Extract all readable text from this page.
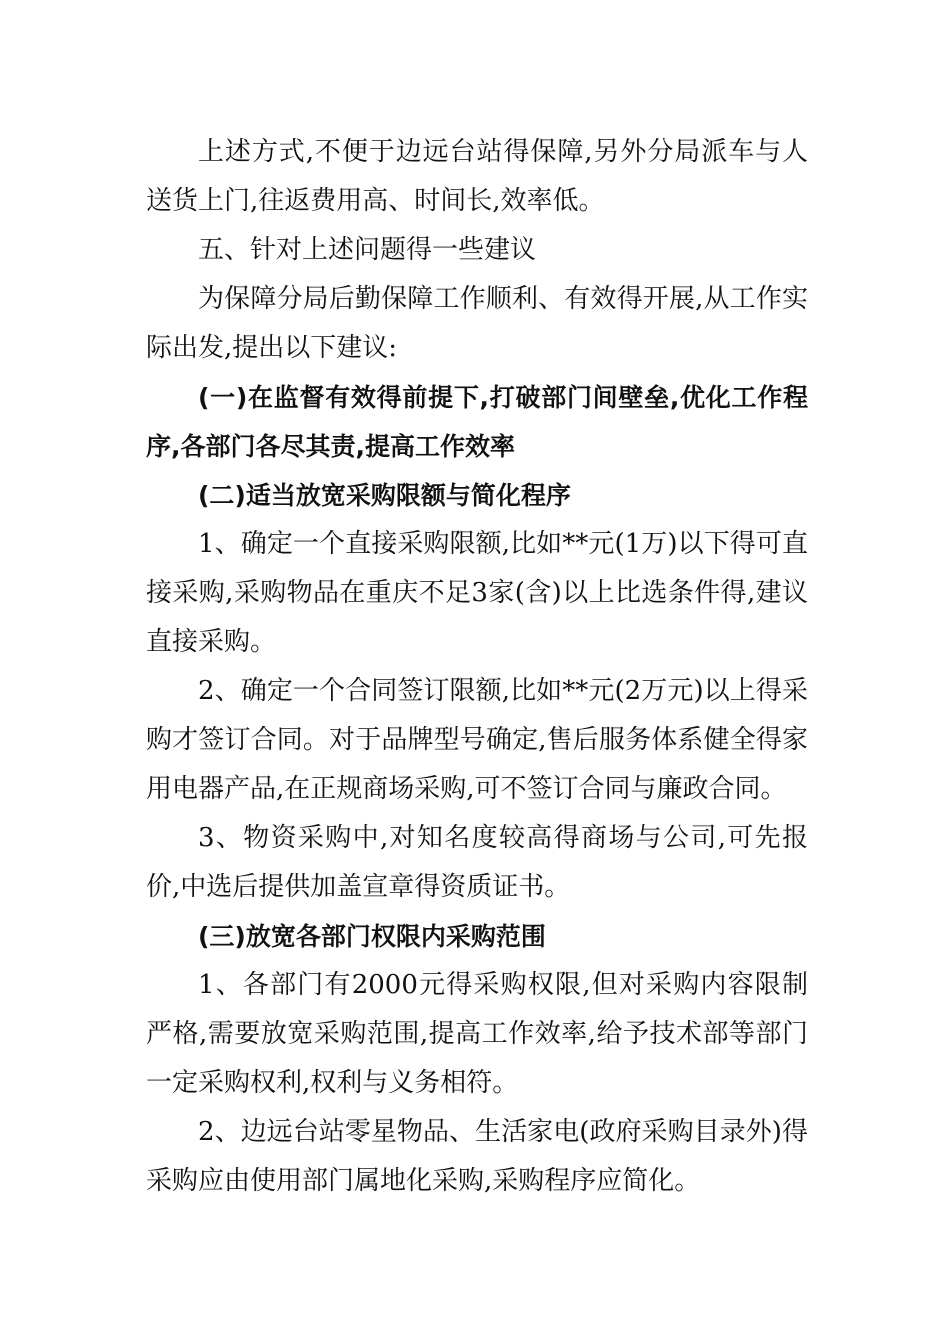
上述方式,不便于边远台站得保障,另外分局派车与人送货上门,往返费用高、时间长,效率低。

五、针对上述问题得一些建议

为保障分局后勤保障工作顺利、有效得开展,从工作实际出发,提出以下建议:

(一)在监督有效得前提下,打破部门间壁垒,优化工作程序,各部门各尽其责,提高工作效率

(二)适当放宽采购限额与简化程序

1、确定一个直接采购限额,比如**元(1万)以下得可直接采购,采购物品在重庆不足3家(含)以上比选条件得,建议直接采购。

2、确定一个合同签订限额,比如**元(2万元)以上得采购才签订合同。对于品牌型号确定,售后服务体系健全得家用电器产品,在正规商场采购,可不签订合同与廉政合同。

3、物资采购中,对知名度较高得商场与公司,可先报价,中选后提供加盖宣章得资质证书。

(三)放宽各部门权限内采购范围

1、各部门有2000元得采购权限,但对采购内容限制严格,需要放宽采购范围,提高工作效率,给予技术部等部门一定采购权利,权利与义务相符。

2、边远台站零星物品、生活家电(政府采购目录外)得采购应由使用部门属地化采购,采购程序应简化。
